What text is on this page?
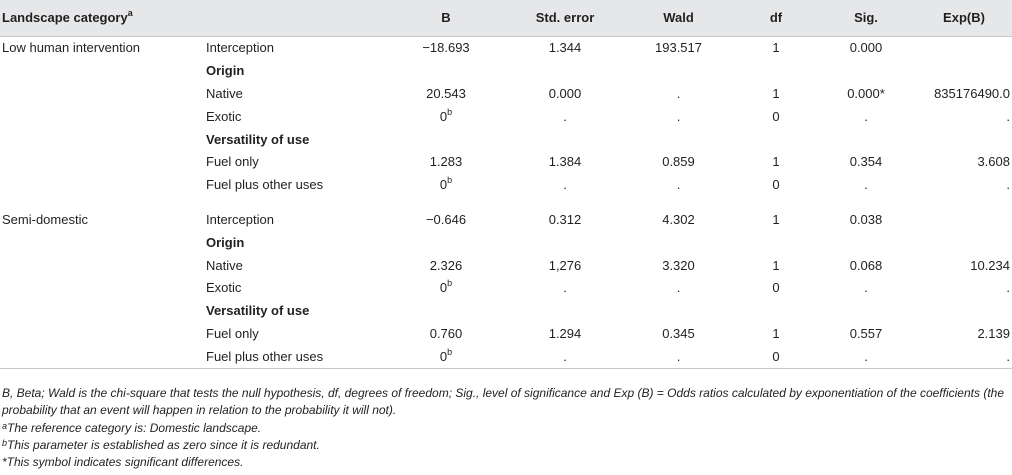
Landscape category$^a$		B	Std. error	Wald	df	Sig.	Exp(B)
Low human intervention	Interception	−18.693	1.344	193.517	1	0.000	
	Origin						
	Native	20.543	0.000	.	1	0.000*	835176490.0
	Exotic	0$^b$	.	.	0	.	.
	Versatility of use						
	Fuel only	1.283	1.384	0.859	1	0.354	3.608
	Fuel plus other uses	0$^b$	.	.	0	.	.

Semi-domestic	Interception	−0.646	0.312	4.302	1	0.038	
	Origin						
	Native	2.326	1,276	3.320	1	0.068	10.234
	Exotic	0$^b$	.	.	0	.	.
	Versatility of use						
	Fuel only	0.760	1.294	0.345	1	0.557	2.139
	Fuel plus other uses	0$^b$	.	.	0	.	.

B, Beta; Wald is the chi-square that tests the null hypothesis, df, degrees of freedom; Sig., level of significance and Exp (B) = Odds ratios calculated by exponentiation of the coefficients (the probability that an event will happen in relation to the probability it will not).

$^a$The reference category is: Domestic landscape.

$^b$This parameter is established as zero since it is redundant.

*This symbol indicates significant differences.
